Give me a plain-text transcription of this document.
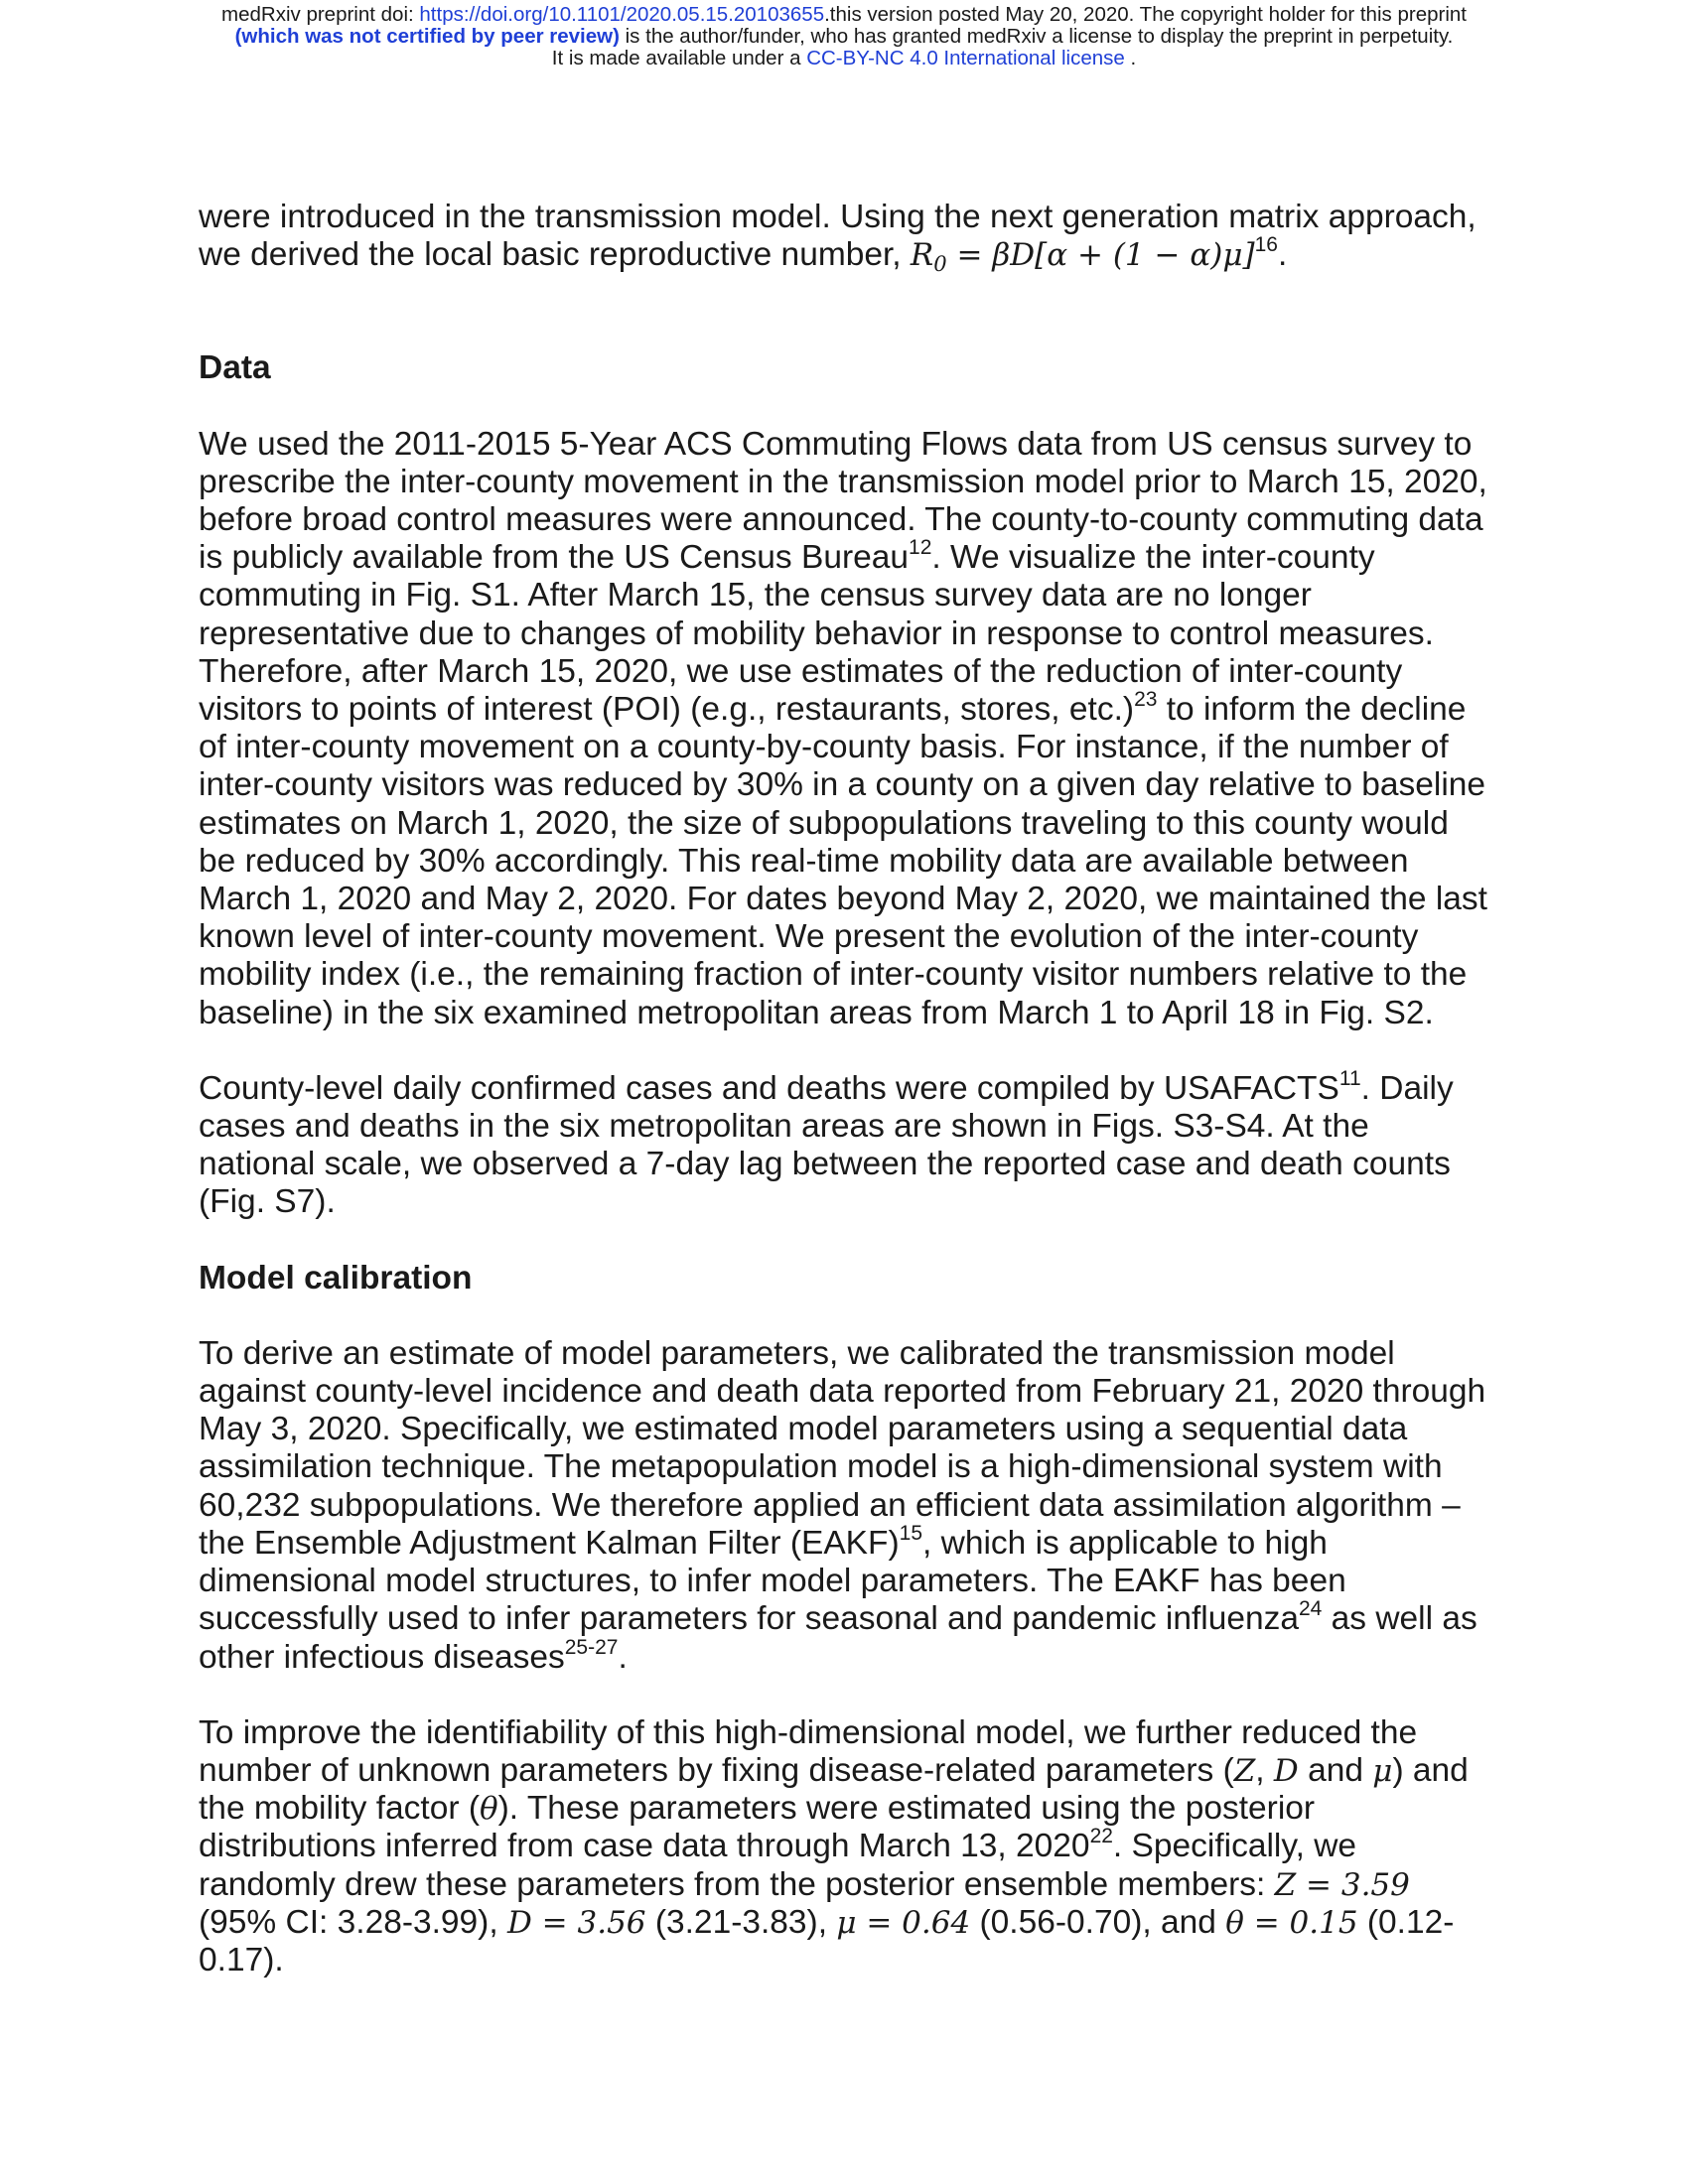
medRxiv preprint doi: https://doi.org/10.1101/2020.05.15.20103655.this version posted May 20, 2020. The copyright holder for this preprint
(which was not certified by peer review) is the author/funder, who has granted medRxiv a license to display the preprint in perpetuity.
It is made available under a CC-BY-NC 4.0 International license .

were introduced in the transmission model. Using the next generation matrix approach, we derived the local basic reproductive number, $R_0 = \beta D[\alpha + (1 - \alpha)\mu]^{16}$.

Data

We used the 2011-2015 5-Year ACS Commuting Flows data from US census survey to prescribe the inter-county movement in the transmission model prior to March 15, 2020, before broad control measures were announced. The county-to-county commuting data is publicly available from the US Census Bureau$^{12}$. We visualize the inter-county commuting in Fig. S1. After March 15, the census survey data are no longer representative due to changes of mobility behavior in response to control measures. Therefore, after March 15, 2020, we use estimates of the reduction of inter-county visitors to points of interest (POI) (e.g., restaurants, stores, etc.)$^{23}$ to inform the decline of inter-county movement on a county-by-county basis. For instance, if the number of inter-county visitors was reduced by 30% in a county on a given day relative to baseline estimates on March 1, 2020, the size of subpopulations traveling to this county would be reduced by 30% accordingly. This real-time mobility data are available between March 1, 2020 and May 2, 2020. For dates beyond May 2, 2020, we maintained the last known level of inter-county movement. We present the evolution of the inter-county mobility index (i.e., the remaining fraction of inter-county visitor numbers relative to the baseline) in the six examined metropolitan areas from March 1 to April 18 in Fig. S2.

County-level daily confirmed cases and deaths were compiled by USAFACTS$^{11}$. Daily cases and deaths in the six metropolitan areas are shown in Figs. S3-S4. At the national scale, we observed a 7-day lag between the reported case and death counts (Fig. S7).

Model calibration

To derive an estimate of model parameters, we calibrated the transmission model against county-level incidence and death data reported from February 21, 2020 through May 3, 2020. Specifically, we estimated model parameters using a sequential data assimilation technique. The metapopulation model is a high-dimensional system with 60,232 subpopulations. We therefore applied an efficient data assimilation algorithm – the Ensemble Adjustment Kalman Filter (EAKF)$^{15}$, which is applicable to high dimensional model structures, to infer model parameters. The EAKF has been successfully used to infer parameters for seasonal and pandemic influenza$^{24}$ as well as other infectious diseases$^{25-27}$.

To improve the identifiability of this high-dimensional model, we further reduced the number of unknown parameters by fixing disease-related parameters (Z, D and μ) and the mobility factor (θ). These parameters were estimated using the posterior distributions inferred from case data through March 13, 2020$^{22}$. Specifically, we randomly drew these parameters from the posterior ensemble members: Z = 3.59 (95% CI: 3.28-3.99), D = 3.56 (3.21-3.83), μ = 0.64 (0.56-0.70), and θ = 0.15 (0.12-0.17).
